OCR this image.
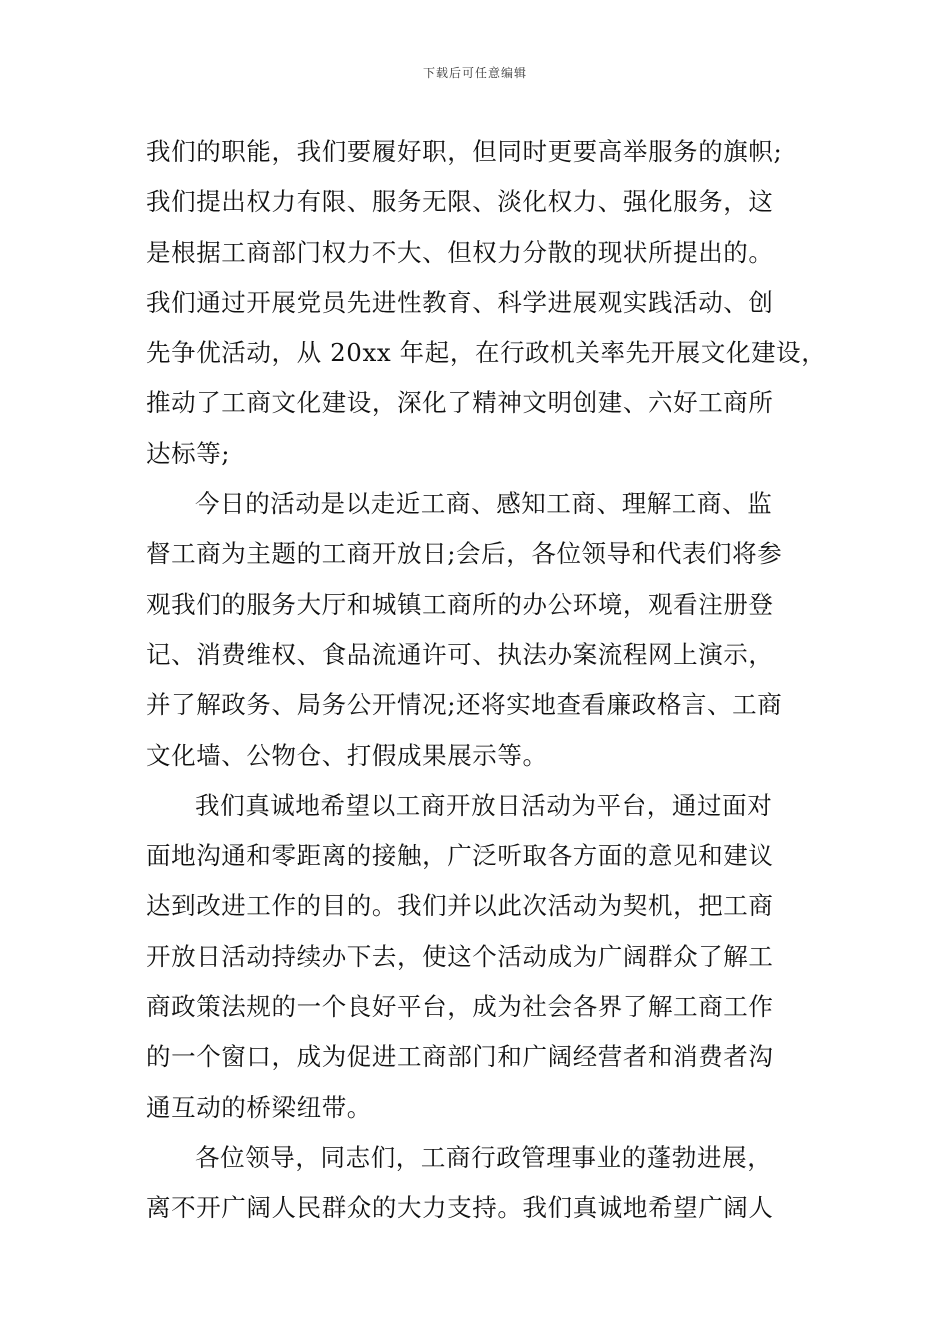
下载后可任意编辑
我们的职能，我们要履好职，但同时更要高举服务的旗帜;
我们提出权力有限、服务无限、淡化权力、强化服务，这
是根据工商部门权力不大、但权力分散的现状所提出的。
我们通过开展党员先进性教育、科学进展观实践活动、创
先争优活动，从 20xx 年起，在行政机关率先开展文化建设，
推动了工商文化建设，深化了精神文明创建、六好工商所
达标等;
今日的活动是以走近工商、感知工商、理解工商、监
督工商为主题的工商开放日;会后，各位领导和代表们将参
观我们的服务大厅和城镇工商所的办公环境，观看注册登
记、消费维权、食品流通许可、执法办案流程网上演示，
并了解政务、局务公开情况;还将实地查看廉政格言、工商
文化墙、公物仓、打假成果展示等。
我们真诚地希望以工商开放日活动为平台，通过面对
面地沟通和零距离的接触，广泛听取各方面的意见和建议
达到改进工作的目的。我们并以此次活动为契机，把工商
开放日活动持续办下去，使这个活动成为广阔群众了解工
商政策法规的一个良好平台，成为社会各界了解工商工作
的一个窗口，成为促进工商部门和广阔经营者和消费者沟
通互动的桥梁纽带。
各位领导，同志们，工商行政管理事业的蓬勃进展，
离不开广阔人民群众的大力支持。我们真诚地希望广阔人
